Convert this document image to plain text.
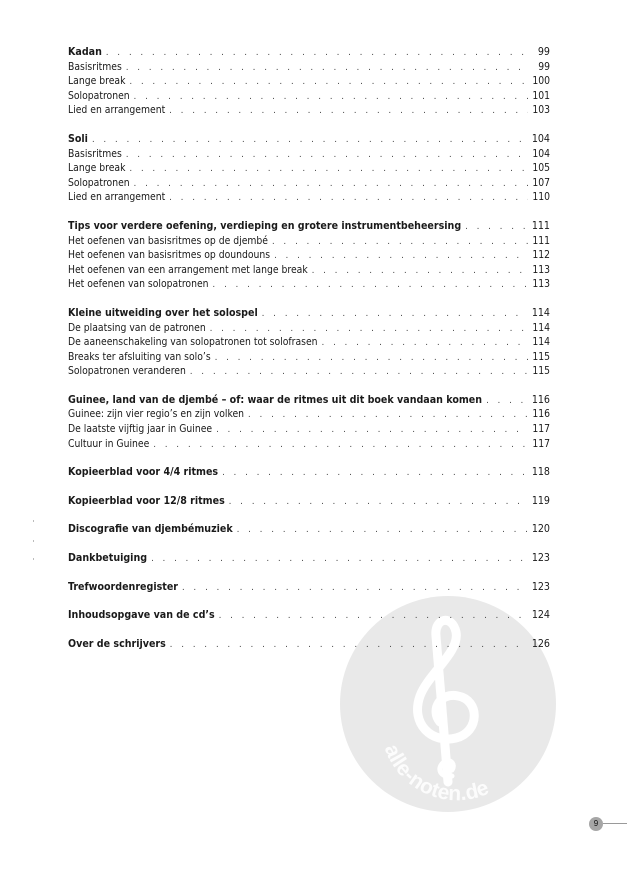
alle-noten.de
Kadan . . .	99
Basisritmes . . .	99
Lange break . . .	100
Solopatronen . . .	101
Lied en arrangement . . .	103
Soli . . .	104
Basisritmes . . .	104
Lange break . . .	105
Solopatronen . . .	107
Lied en arrangement . . .	110
Tips voor verdere oefening, verdieping en grotere instrumentbeheersing . . .	111
Het oefenen van basisritmes op de djembé . . .	111
Het oefenen van basisritmes op doundouns . . .	112
Het oefenen van een arrangement met lange break . . .	113
Het oefenen van solopatronen . . .	113
Kleine uitweiding over het solospel . . .	114
De plaatsing van de patronen . . .	114
De aaneenschakeling van solopatronen tot solofrasen . . .	114
Breaks ter afsluiting van solo’s . . .	115
Solopatronen veranderen . . .	115
Guinee, land van de djembé – of: waar de ritmes uit dit boek vandaan komen . . .	116
Guinee: zijn vier regio’s en zijn volken . . .	116
De laatste vijftig jaar in Guinee . . .	117
Cultuur in Guinee . . .	117
Kopieerblad voor 4/4 ritmes . . .	118
Kopieerblad voor 12/8 ritmes . . .	119
Discografie van djembémuziek . . .	120
Dankbetuiging . . .	123
Trefwoordenregister . . .	123
Inhoudsopgave van de cd’s . . .	124
Over de schrijvers . . .	126
9
